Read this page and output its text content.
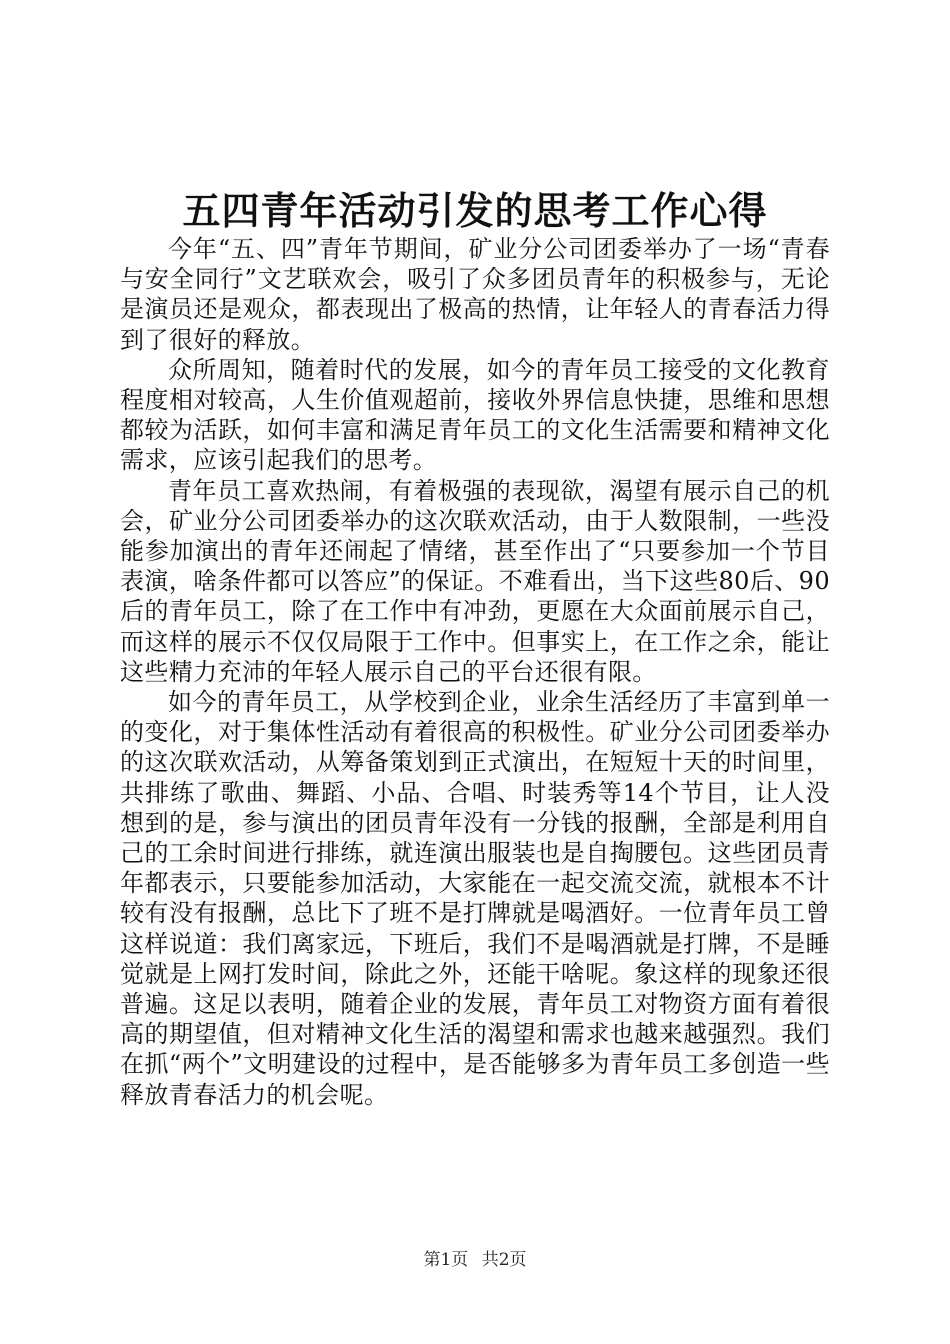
五四青年活动引发的思考工作心得

今年“五、四”青年节期间，矿业分公司团委举办了一场“青春与安全同行”文艺联欢会，吸引了众多团员青年的积极参与，无论是演员还是观众，都表现出了极高的热情，让年轻人的青春活力得到了很好的释放。

众所周知，随着时代的发展，如今的青年员工接受的文化教育程度相对较高，人生价值观超前，接收外界信息快捷，思维和思想都较为活跃，如何丰富和满足青年员工的文化生活需要和精神文化需求，应该引起我们的思考。

青年员工喜欢热闹，有着极强的表现欲，渴望有展示自己的机会，矿业分公司团委举办的这次联欢活动，由于人数限制，一些没能参加演出的青年还闹起了情绪，甚至作出了“只要参加一个节目表演，啥条件都可以答应”的保证。不难看出，当下这些80后、90后的青年员工，除了在工作中有冲劲，更愿在大众面前展示自己，而这样的展示不仅仅局限于工作中。但事实上，在工作之余，能让这些精力充沛的年轻人展示自己的平台还很有限。

如今的青年员工，从学校到企业，业余生活经历了丰富到单一的变化，对于集体性活动有着很高的积极性。矿业分公司团委举办的这次联欢活动，从筹备策划到正式演出，在短短十天的时间里，共排练了歌曲、舞蹈、小品、合唱、时装秀等14个节目，让人没想到的是，参与演出的团员青年没有一分钱的报酬，全部是利用自己的工余时间进行排练，就连演出服装也是自掏腰包。这些团员青年都表示，只要能参加活动，大家能在一起交流交流，就根本不计较有没有报酬，总比下了班不是打牌就是喝酒好。一位青年员工曾这样说道：我们离家远，下班后，我们不是喝酒就是打牌，不是睡觉就是上网打发时间，除此之外，还能干啥呢。象这样的现象还很普遍。这足以表明，随着企业的发展，青年员工对物资方面有着很高的期望值，但对精神文化生活的渴望和需求也越来越强烈。我们在抓“两个”文明建设的过程中，是否能够多为青年员工多创造一些释放青春活力的机会呢。

第1页 共2页
